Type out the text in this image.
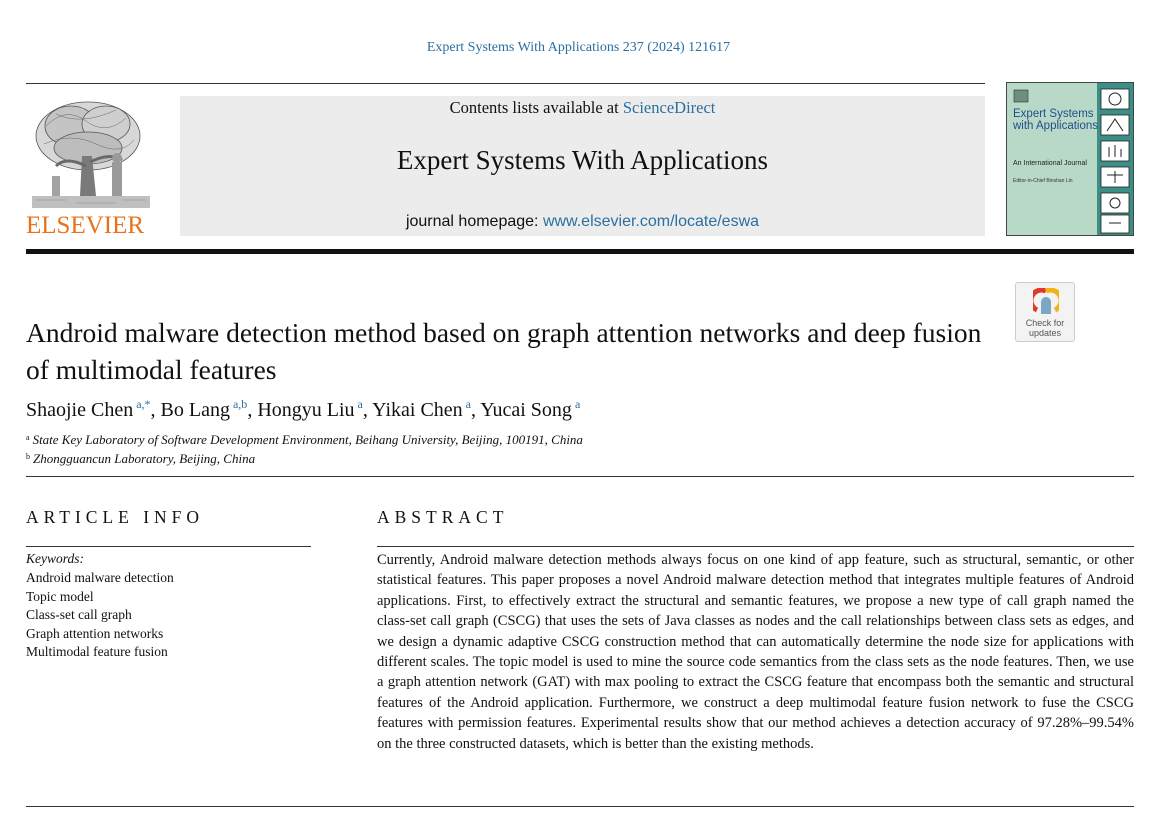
Expert Systems With Applications 237 (2024) 121617
ELSEVIER
Contents lists available at ScienceDirect
Expert Systems With Applications
journal homepage: www.elsevier.com/locate/eswa
Expert Systems with Applications
An International Journal
Editor-in-Chief Binshan Lin
Check for updates
Android malware detection method based on graph attention networks and deep fusion of multimodal features
Shaojie Chen $^{a,*}$, Bo Lang $^{a,b}$, Hongyu Liu $^a$, Yikai Chen $^a$, Yucai Song $^a$
$^a$ State Key Laboratory of Software Development Environment, Beihang University, Beijing, 100191, China
$^b$ Zhongguancun Laboratory, Beijing, China
ARTICLE INFO
Keywords:
Android malware detection
Topic model
Class-set call graph
Graph attention networks
Multimodal feature fusion
ABSTRACT

Currently, Android malware detection methods always focus on one kind of app feature, such as structural, semantic, or other statistical features. This paper proposes a novel Android malware detection method that integrates multiple features of Android applications. First, to effectively extract the structural and semantic features, we propose a new type of call graph named the class-set call graph (CSCG) that uses the sets of Java classes as nodes and the call relationships between class sets as edges, and we design a dynamic adaptive CSCG construction method that can automatically determine the node size for applications with different scales. The topic model is used to mine the source code semantics from the class sets as the node features. Then, we use a graph attention network (GAT) with max pooling to extract the CSCG feature that encompass both the semantic and structural features of the Android application. Furthermore, we construct a deep multimodal feature fusion network to fuse the CSCG features with permission features. Experimental results show that our method achieves a detection accuracy of 97.28%–99.54% on the three constructed datasets, which is better than the existing methods.
